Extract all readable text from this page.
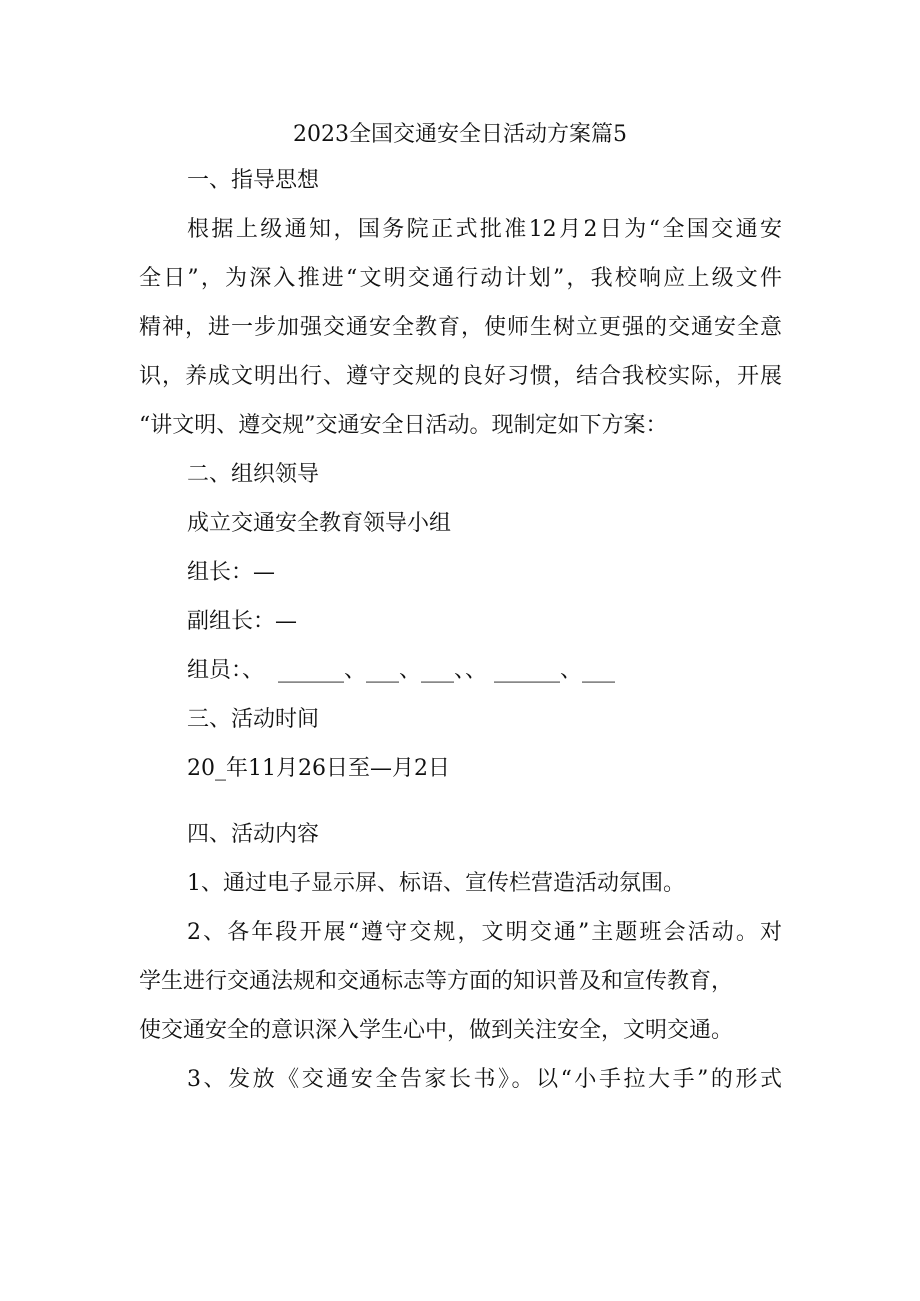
2023全国交通安全日活动方案篇5
一、指导思想
根据上级通知，国务院正式批准12月2日为“全国交通安
全日”，为深入推进“文明交通行动计划”，我校响应上级文件
精神，进一步加强交通安全教育，使师生树立更强的交通安全意
识，养成文明出行、遵守交规的良好习惯，结合我校实际，开展
“讲文明、遵交规”交通安全日活动。现制定如下方案：
二、组织领导
成立交通安全教育领导小组
组长：—
副组长：—
组员：、  ______、___、___、、 ______、___
三、活动时间
20_年11月26日至—月2日
四、活动内容
1、通过电子显示屏、标语、宣传栏营造活动氛围。
2、各年段开展“遵守交规，文明交通”主题班会活动。对
学生进行交通法规和交通标志等方面的知识普及和宣传教育，
使交通安全的意识深入学生心中，做到关注安全，文明交通。
3、发放《交通安全告家长书》。以“小手拉大手”的形式
